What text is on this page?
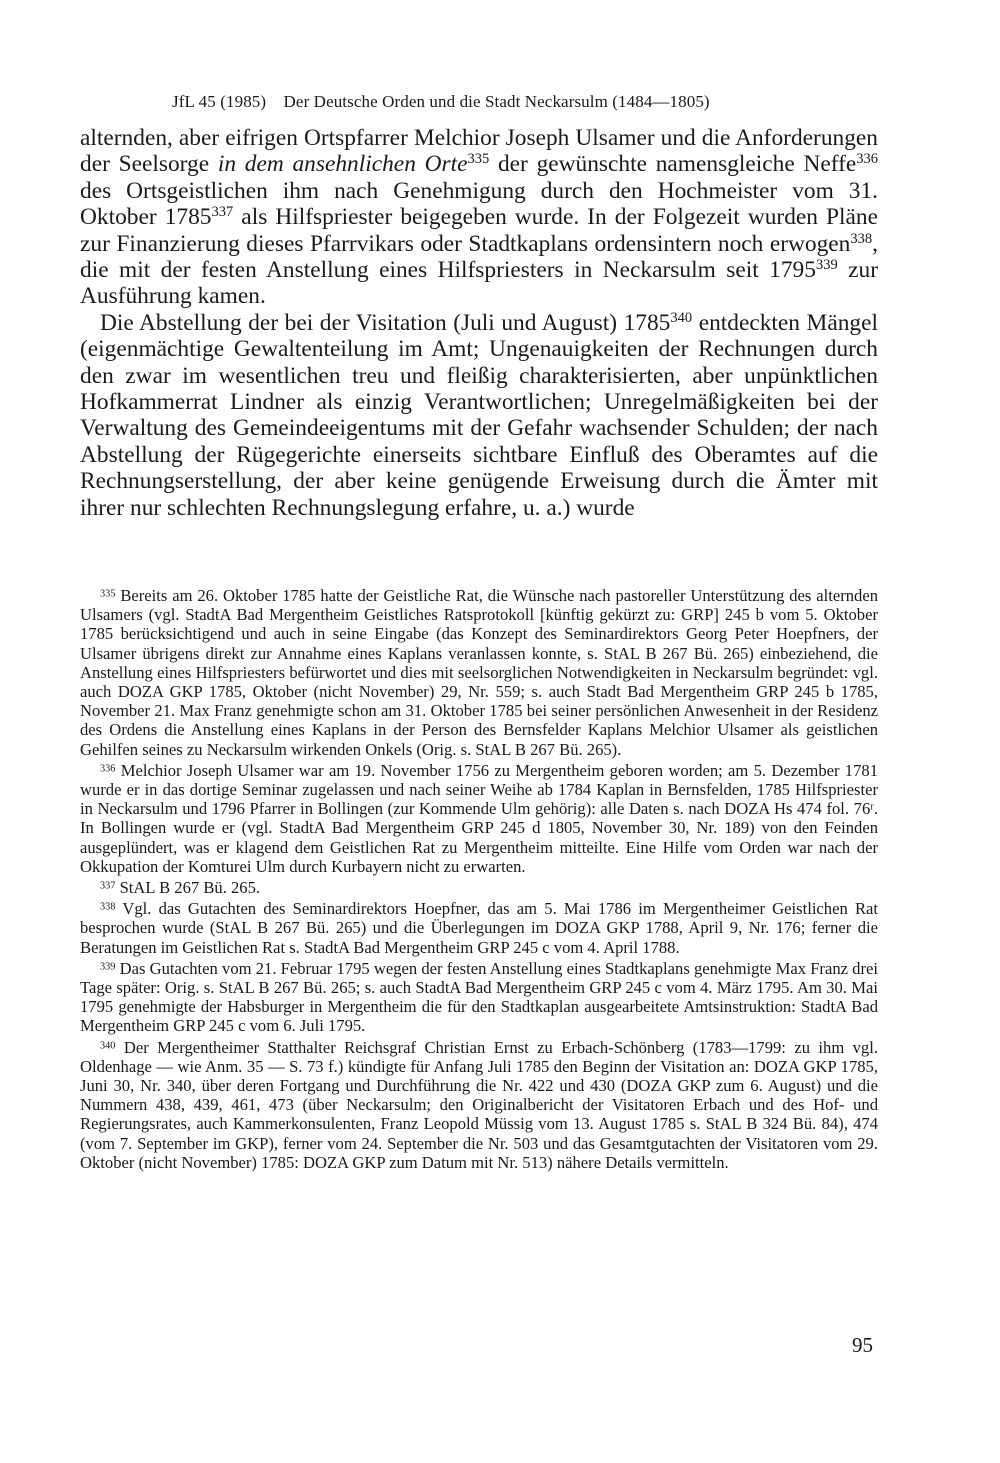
JfL 45 (1985)    Der Deutsche Orden und die Stadt Neckarsulm (1484—1805)

alternden, aber eifrigen Ortspfarrer Melchior Joseph Ulsamer und die Anforderungen der Seelsorge in dem ansehnlichen Orte$^{335}$ der gewünschte namensgleiche Neffe$^{336}$ des Ortsgeistlichen ihm nach Genehmigung durch den Hochmeister vom 31. Oktober 1785$^{337}$ als Hilfspriester beigegeben wurde. In der Folgezeit wurden Pläne zur Finanzierung dieses Pfarrvikars oder Stadtkaplans ordensintern noch erwogen$^{338}$, die mit der festen Anstellung eines Hilfspriesters in Neckarsulm seit 1795$^{339}$ zur Ausführung kamen.

Die Abstellung der bei der Visitation (Juli und August) 1785$^{340}$ entdeckten Mängel (eigenmächtige Gewaltenteilung im Amt; Ungenauigkeiten der Rechnungen durch den zwar im wesentlichen treu und fleißig charakterisierten, aber unpünktlichen Hofkammerrat Lindner als einzig Verantwortlichen; Unregelmäßigkeiten bei der Verwaltung des Gemeindeeigentums mit der Gefahr wachsender Schulden; der nach Abstellung der Rügegerichte einerseits sichtbare Einfluß des Oberamtes auf die Rechnungserstellung, der aber keine genügende Erweisung durch die Ämter mit ihrer nur schlechten Rechnungslegung erfahre, u. a.) wurde

$^{335}$ Bereits am 26. Oktober 1785 hatte der Geistliche Rat, die Wünsche nach pastoreller Unterstützung des alternden Ulsamers (vgl. StadtA Bad Mergentheim Geistliches Ratsprotokoll [künftig gekürzt zu: GRP] 245 b vom 5. Oktober 1785 berücksichtigend und auch in seine Eingabe (das Konzept des Seminardirektors Georg Peter Hoepfners, der Ulsamer übrigens direkt zur Annahme eines Kaplans veranlassen konnte, s. StAL B 267 Bü. 265) einbeziehend, die Anstellung eines Hilfspriesters befürwortet und dies mit seelsorglichen Notwendigkeiten in Neckarsulm begründet: vgl. auch DOZA GKP 1785, Oktober (nicht November) 29, Nr. 559; s. auch Stadt Bad Mergentheim GRP 245 b 1785, November 21. Max Franz genehmigte schon am 31. Oktober 1785 bei seiner persönlichen Anwesenheit in der Residenz des Ordens die Anstellung eines Kaplans in der Person des Bernsfelder Kaplans Melchior Ulsamer als geistlichen Gehilfen seines zu Neckarsulm wirkenden Onkels (Orig. s. StAL B 267 Bü. 265).

$^{336}$ Melchior Joseph Ulsamer war am 19. November 1756 zu Mergentheim geboren worden; am 5. Dezember 1781 wurde er in das dortige Seminar zugelassen und nach seiner Weihe ab 1784 Kaplan in Bernsfelden, 1785 Hilfspriester in Neckarsulm und 1796 Pfarrer in Bollingen (zur Kommende Ulm gehörig): alle Daten s. nach DOZA Hs 474 fol. 76ʳ. In Bollingen wurde er (vgl. StadtA Bad Mergentheim GRP 245 d 1805, November 30, Nr. 189) von den Feinden ausgeplündert, was er klagend dem Geistlichen Rat zu Mergentheim mitteilte. Eine Hilfe vom Orden war nach der Okkupation der Komturei Ulm durch Kurbayern nicht zu erwarten.

$^{337}$ StAL B 267 Bü. 265.

$^{338}$ Vgl. das Gutachten des Seminardirektors Hoepfner, das am 5. Mai 1786 im Mergentheimer Geistlichen Rat besprochen wurde (StAL B 267 Bü. 265) und die Überlegungen im DOZA GKP 1788, April 9, Nr. 176; ferner die Beratungen im Geistlichen Rat s. StadtA Bad Mergentheim GRP 245 c vom 4. April 1788.

$^{339}$ Das Gutachten vom 21. Februar 1795 wegen der festen Anstellung eines Stadtkaplans genehmigte Max Franz drei Tage später: Orig. s. StAL B 267 Bü. 265; s. auch StadtA Bad Mergentheim GRP 245 c vom 4. März 1795. Am 30. Mai 1795 genehmigte der Habsburger in Mergentheim die für den Stadtkaplan ausgearbeitete Amtsinstruktion: StadtA Bad Mergentheim GRP 245 c vom 6. Juli 1795.

$^{340}$ Der Mergentheimer Statthalter Reichsgraf Christian Ernst zu Erbach-Schönberg (1783—1799: zu ihm vgl. Oldenhage — wie Anm. 35 — S. 73 f.) kündigte für Anfang Juli 1785 den Beginn der Visitation an: DOZA GKP 1785, Juni 30, Nr. 340, über deren Fortgang und Durchführung die Nr. 422 und 430 (DOZA GKP zum 6. August) und die Nummern 438, 439, 461, 473 (über Neckarsulm; den Originalbericht der Visitatoren Erbach und des Hof- und Regierungsrates, auch Kammerkonsulenten, Franz Leopold Müssig vom 13. August 1785 s. StAL B 324 Bü. 84), 474 (vom 7. September im GKP), ferner vom 24. September die Nr. 503 und das Gesamtgutachten der Visitatoren vom 29. Oktober (nicht November) 1785: DOZA GKP zum Datum mit Nr. 513) nähere Details vermitteln.

95
